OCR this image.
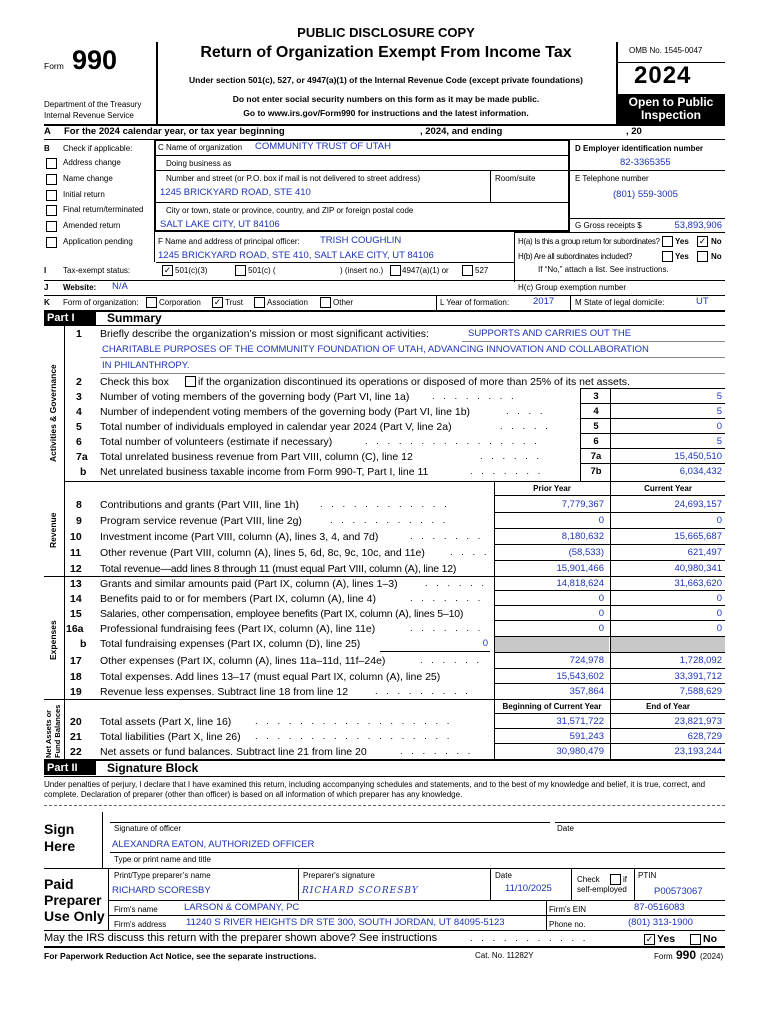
Form 990
PUBLIC DISCLOSURE COPY
Return of Organization Exempt From Income Tax
Under section 501(c), 527, or 4947(a)(1) of the Internal Revenue Code (except private foundations)
Do not enter social security numbers on this form as it may be made public.
Go to www.irs.gov/Form990 for instructions and the latest information.
Department of the Treasury
Internal Revenue Service
OMB No. 1545-0047
2024
Open to Public
Inspection
A For the 2024 calendar year, or tax year beginning	, 2024, and ending	, 20
B Check if applicable:
Address change
Name change
Initial return
Final return/terminated
Amended return
Application pending
C Name of organization COMMUNITY TRUST OF UTAH
Doing business as
Number and street (or P.O. box if mail is not delivered to street address)	Room/suite
1245 BRICKYARD ROAD, STE 410
City or town, state or province, country, and ZIP or foreign postal code
SALT LAKE CITY, UT 84106
D Employer identification number
82-3365355
E Telephone number
(801) 559-3005
G Gross receipts $	53,893,906
F Name and address of principal officer: TRISH COUGHLIN
1245 BRICKYARD ROAD, STE 410, SALT LAKE CITY, UT 84106
H(a) Is this a group return for subordinates? Yes ✓ No
H(b) Are all subordinates included?	Yes	No
If “No,” attach a list. See instructions.
I Tax-exempt status:	✓ 501(c)(3)	501(c) (	) (insert no.) 4947(a)(1) or	527
J Website: N/A	H(c) Group exemption number
K Form of organization:	Corporation ✓ Trust	Association	Other	L Year of formation:	2017	M State of legal domicile:	UT
Part I	Summary
Activities & Governance
Revenue
Expenses
Net Assets or Fund Balances
1 Briefly describe the organization’s mission or most significant activities:	SUPPORTS AND CARRIES OUT THE
CHARITABLE PURPOSES OF THE COMMUNITY FOUNDATION OF UTAH, ADVANCING INNOVATION AND COLLABORATION
IN PHILANTHROPY.
2 Check this box	if the organization discontinued its operations or disposed of more than 25% of its net assets.
3 Number of voting members of the governing body (Part VI, line 1a) . . . . . . . .	3	5
4 Number of independent voting members of the governing body (Part VI, line 1b)	. . . .	4	5
5 Total number of individuals employed in calendar year 2024 (Part V, line 2a)	. . . . .	5	0
6 Total number of volunteers (estimate if necessary)	. . . . . . . . . . . . . . . .	6	5
7a Total unrelated business revenue from Part VIII, column (C), line 12	. . . . . .	7a	15,450,510
b Net unrelated business taxable income from Form 990-T, Part I, line 11	. . . . . . .	7b	6,034,432
Prior Year	Current Year
8 Contributions and grants (Part VIII, line 1h) . . . . . . . . . . . .	7,779,367	24,693,157
9 Program service revenue (Part VIII, line 2g)	. . . . . . . . . . .	0	0
10 Investment income (Part VIII, column (A), lines 3, 4, and 7d)	. . . . . . .	8,180,632	15,665,687
11 Other revenue (Part VIII, column (A), lines 5, 6d, 8c, 9c, 10c, and 11e)	. . . .	(58,533)	621,497
12 Total revenue—add lines 8 through 11 (must equal Part VIII, column (A), line 12)	15,901,466	40,980,341
13 Grants and similar amounts paid (Part IX, column (A), lines 1–3)	. . . . . .	14,818,624	31,663,620
14 Benefits paid to or for members (Part IX, column (A), line 4)	. . . . . . .	0	0
15 Salaries, other compensation, employee benefits (Part IX, column (A), lines 5–10)	0	0
16a Professional fundraising fees (Part IX, column (A), line 11e)	. . . . . . .	0	0
b Total fundraising expenses (Part IX, column (D), line 25)	0
17 Other expenses (Part IX, column (A), lines 11a–11d, 11f–24e)	. . . . . .	724,978	1,728,092
18 Total expenses. Add lines 13–17 (must equal Part IX, column (A), line 25)	15,543,602	33,391,712
19 Revenue less expenses. Subtract line 18 from line 12	. . . . . . . . .	357,864	7,588,629
Beginning of Current Year	End of Year
20 Total assets (Part X, line 16) . . . . . . . . . . . . . . . . . .	31,571,722	23,821,973
21 Total liabilities (Part X, line 26) . . . . . . . . . . . . . . . . . .	591,243	628,729
22 Net assets or fund balances. Subtract line 21 from line 20	. . . . . . .	30,980,479	23,193,244
Part II	Signature Block
Under penalties of perjury, I declare that I have examined this return, including accompanying schedules and statements, and to the best of my knowledge and belief, it is true, correct, and complete. Declaration of preparer (other than officer) is based on all information of which preparer has any knowledge.
Sign
Here
Signature of officer	Date
ALEXANDRA EATON, AUTHORIZED OFFICER
Type or print name and title
Paid
Preparer
Use Only
Print/Type preparer’s name	Preparer's signature	Date	Check	if
self-employed
PTIN
RICHARD SCORESBY	RICHARD SCORESBY	11/10/2025	P00573067
Firm's name	LARSON & COMPANY, PC	Firm's EIN	87-0516083
Firm's address 11240 S RIVER HEIGHTS DR STE 300, SOUTH JORDAN, UT 84095-5123	Phone no.	(801) 313-1900
May the IRS discuss this return with the preparer shown above? See instructions	. . . . . . . . . . .	✓ Yes	No
For Paperwork Reduction Act Notice, see the separate instructions.	Cat. No. 11282Y	Form 990 (2024)
